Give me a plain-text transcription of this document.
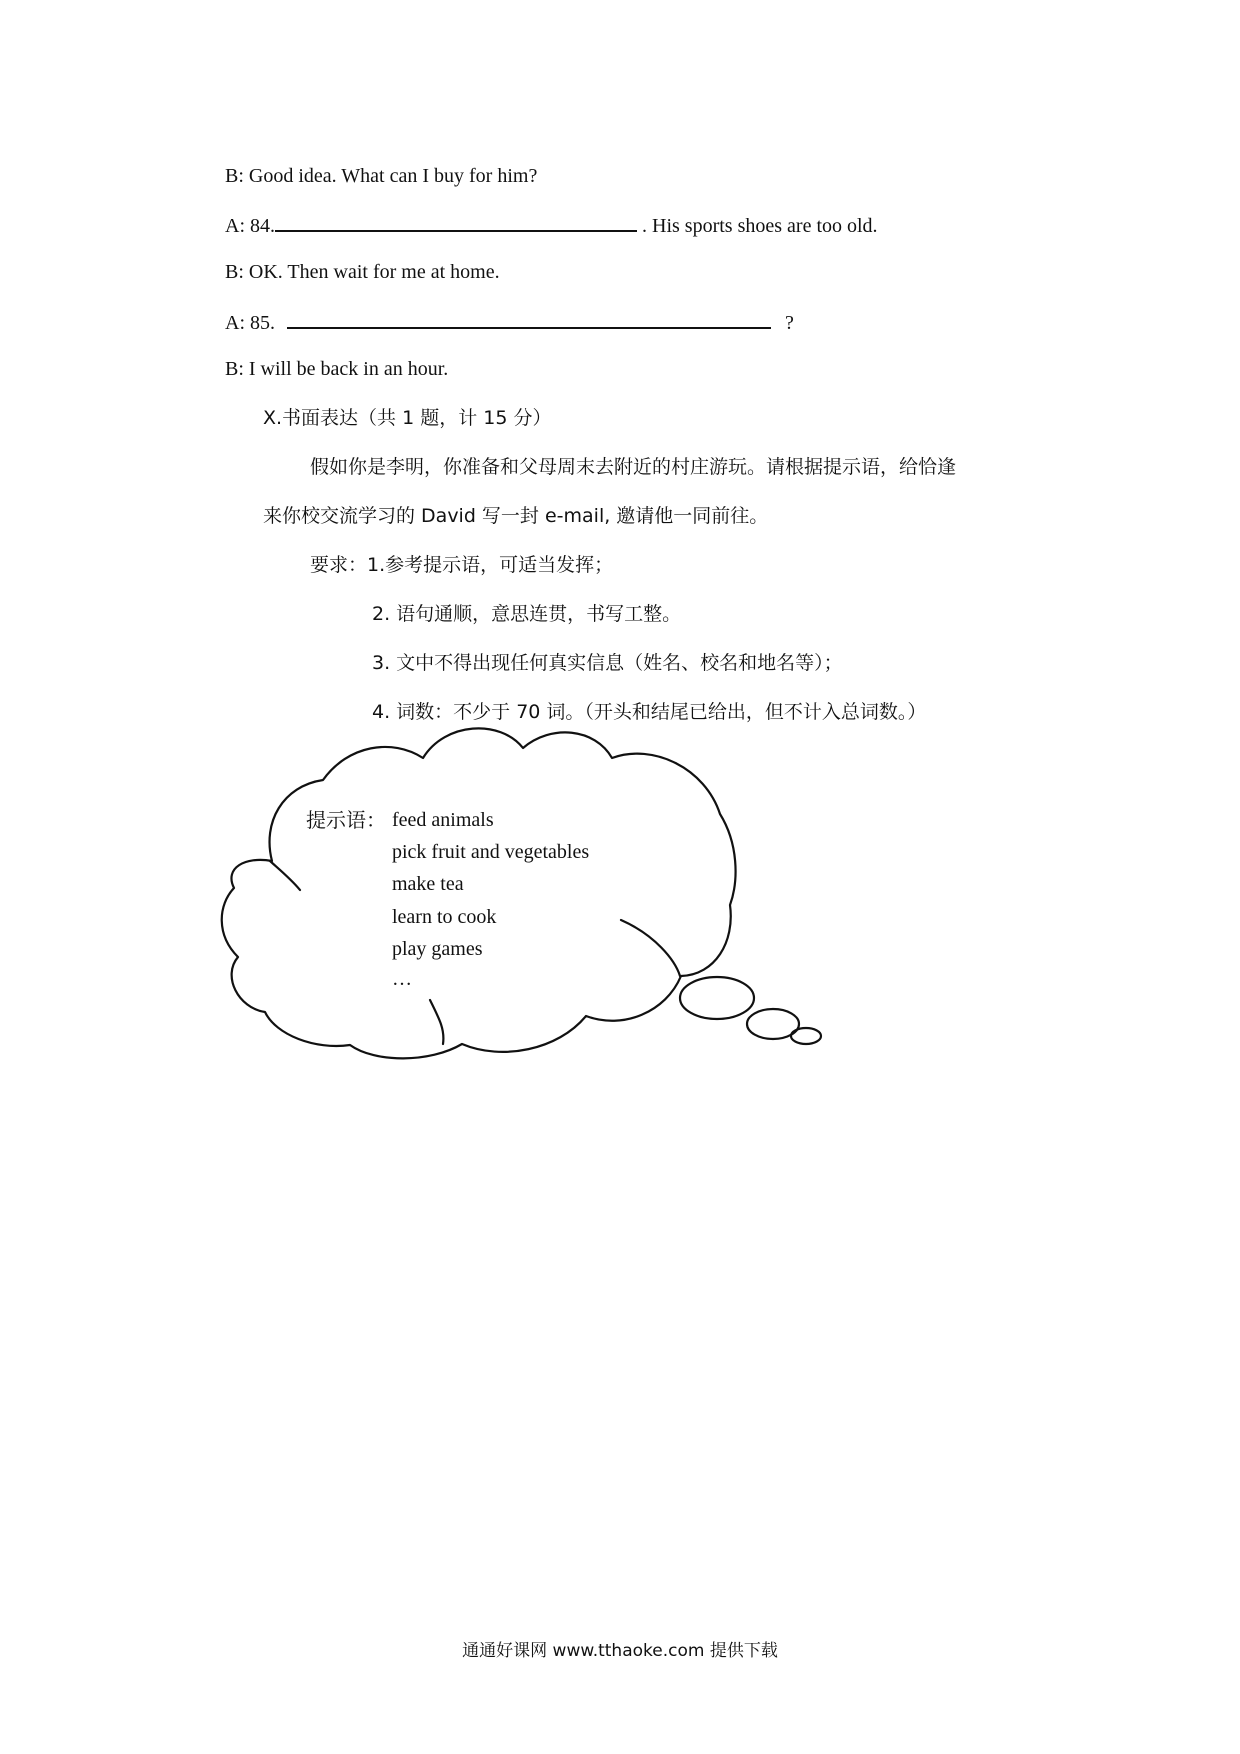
B: Good idea. What can I buy for him?
A: 84.	. His sports shoes are too old.
B: OK. Then wait for me at home.
A: 85.	?
B: I will be back in an hour.
X.书面表达（共 1 题，计 15 分）
假如你是李明，你准备和父母周末去附近的村庄游玩。请根据提示语，给恰逢
来你校交流学习的 David 写一封 e-mail, 邀请他一同前往。
要求：1.参考提示语，可适当发挥；
2. 语句通顺，意思连贯，书写工整。
3. 文中不得出现任何真实信息（姓名、校名和地名等）；
4. 词数：不少于 70 词。（开头和结尾已给出，但不计入总词数。）
提示语： feed animals
pick fruit and vegetables
make tea
learn to cook
play games
…
通通好课网 www.tthaoke.com 提供下载
